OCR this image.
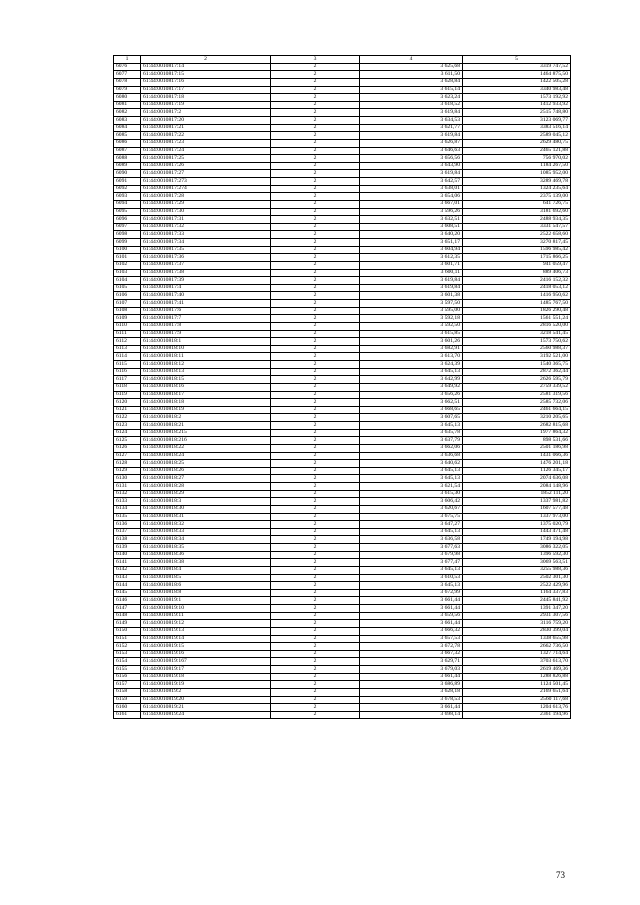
1	2	3	4	5
6076	61:44:0010817:14	2	3 625,68	3319 747,52
6077	61:44:0010817:15	2	3 611,50	1464 875,50
6078	61:44:0010817:16	2	3 628,84	1422 505,28
6079	61:44:0010817:17	2	3 615,14	3340 983,48
6080	61:44:0010817:18	2	3 623,24	1573 192,92
6081	61:44:0010817:19	2	3 618,52	1412 933,92
6082	61:44:0010817:2	2	3 619,84	2515 748,80
6083	61:44:0010817:20	2	3 634,53	3123 069,77
6084	61:44:0010817:21	2	3 621,77	3383 516,14
6085	61:44:0010817:22	2	3 619,84	2589 045,12
6086	61:44:0010817:23	2	3 626,87	2629 480,75
6087	61:44:0010817:24	2	3 646,63	2465 121,88
6088	61:44:0010817:25	2	3 656,56	756 970,02
6089	61:44:0010817:26	2	3 643,90	1184 267,50
6090	61:44:0010817:27	2	3 619,84	1085 952,00
6091	61:44:0010817:273	2	3 642,57	3289 469,78
6092	61:44:0010817:274	2	3 638,01	1324 235,64
6093	61:44:0010817:28	2	3 654,06	2375 139,00
6094	61:44:0010817:29	2	3 667,01	641 726,75
6095	61:44:0010817:30	2	3 596,26	3181 692,60
6096	61:44:0010817:31	2	3 632,51	2488 934,35
6097	61:44:0010817:32	2	3 608,51	3331 547,57
6098	61:44:0010817:33	2	3 640,20	2522 658,60
6099	61:44:0010817:34	2	3 651,17	3270 817,45
6100	61:44:0010817:35	2	3 604,94	1596 985,42
6101	61:44:0010817:36	2	3 612,35	1715 866,25
6102	61:44:0010817:37	2	3 601,71	941 059,47
6103	61:44:0010817:38	2	3 600,11	889 406,73
6104	61:44:0010817:39	2	3 619,84	2416 152,32
6105	61:44:0010817:4	2	3 619,84	2418 053,12
6106	61:44:0010817:40	2	3 601,38	1416 950,62
6107	61:44:0010817:41	2	3 597,50	1485 767,50
6108	61:44:0010817:6	2	3 595,00	1826 290,48
6109	61:44:0010817:7	2	3 592,18	1561 551,24
6110	61:44:0010817:8	2	3 592,50	2816 520,00
6111	61:44:0010817:9	2	3 615,85	3218 541,45
6112	61:44:0010818:1	2	3 601,26	1573 750,62
6113	61:44:0010818:10	2	3 682,91	2560 988,37
6114	61:44:0010818:11	2	3 613,70	3192 521,00
6115	61:44:0010818:12	2	3 624,39	1540 365,75
6116	61:44:0010818:13	2	3 645,13	2872 362,44
6117	61:44:0010818:15	2	3 642,99	2626 595,79
6118	61:44:0010818:16	2	3 649,92	2759 339,52
6119	61:44:0010818:17	2	3 656,26	2581 319,56
6120	61:44:0010818:18	2	3 662,51	2585 732,06
6121	61:44:0010818:19	2	3 668,65	2461 664,15
6122	61:44:0010818:2	2	3 607,65	3210 205,65
6123	61:44:0010818:21	2	3 645,13	2682 815,68
6124	61:44:0010818:215	2	3 635,78	1977 864,32
6125	61:44:0010818:216	2	3 637,79	898 531,66
6126	61:44:0010818:22	2	3 662,06	2501 186,98
6127	61:44:0010818:24	2	3 636,68	1431 066,36
6128	61:44:0010818:25	2	3 640,62	1476 201,18
6129	61:44:0010818:26	2	3 645,13	1126 345,17
6130	61:44:0010818:27	2	3 645,13	2074 636,08
6131	61:44:0010818:28	2	3 621,54	2084 148,96
6132	61:44:0010818:29	2	3 615,30	1852 111,20
6133	61:44:0010818:3	2	3 606,42	1337 981,82
6134	61:44:0010818:30	2	3 620,67	1607 577,48
6135	61:44:0010818:31	2	3 675,75	1337 973,00
6136	61:44:0010818:32	2	3 647,27	1375 020,79
6137	61:44:0010818:33	2	3 645,13	1443 471,48
6138	61:44:0010818:34	2	3 636,58	1749 194,98
6139	61:44:0010818:35	2	3 677,63	3086 322,05
6140	61:44:0010818:36	2	3 679,98	1396 592,30
6141	61:44:0010818:38	2	3 677,47	3069 563,51
6142	61:44:0010818:4	2	3 645,13	3255 988,36
6143	61:44:0010818:5	2	3 610,53	2502 301,30
6144	61:44:0010818:6	2	3 645,13	2522 429,96
6145	61:44:0010818:8	2	3 672,99	1164 337,83
6146	61:44:0010819:1	2	3 661,44	2445 841,92
6147	61:44:0010819:10	2	3 661,44	1391 347,20
6148	61:44:0010819:11	2	3 659,56	2931 307,56
6149	61:44:0010819:12	2	3 661,44	3116 759,20
6150	61:44:0010819:13	2	3 666,32	2830 399,04
6151	61:44:0010819:14	2	3 657,53	1338 655,98
6152	61:44:0010819:15	2	3 672,78	2662 736,50
6153	61:44:0010819:16	2	3 667,32	1327 714,64
6154	61:44:0010819:167	2	3 629,71	3703 613,70
6155	61:44:0010819:17	2	3 679,03	2619 469,36
6156	61:44:0010819:18	2	3 661,44	1288 826,88
6157	61:44:0010819:19	2	3 686,89	1124 501,45
6158	61:44:0010819:2	2	3 628,18	2169 651,64
6159	61:44:0010819:20	2	3 678,53	2560 117,68
6160	61:44:0010819:21	2	3 661,44	1204 613,76
6161	61:44:0010819:24	2	3 698,14	2361 194,96
73
